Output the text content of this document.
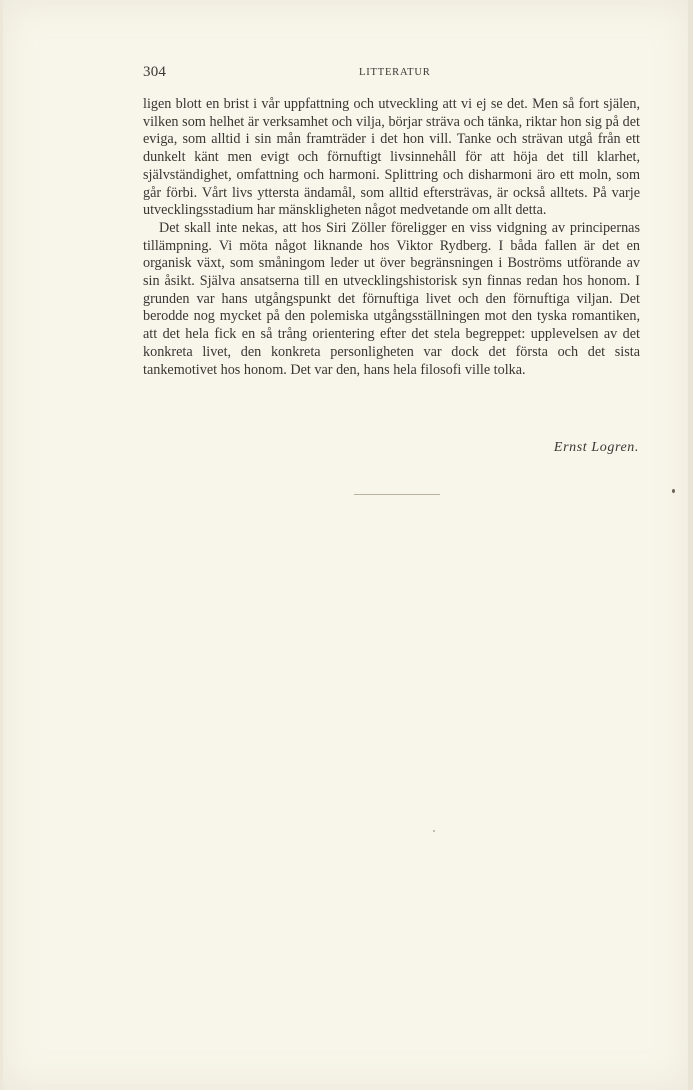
304	LITTERATUR

ligen blott en brist i vår uppfattning och utveckling att vi ej se det. Men så fort själen, vilken som helhet är verksamhet och vilja, börjar sträva och tänka, riktar hon sig på det eviga, som alltid i sin mån framträder i det hon vill. Tanke och strävan utgå från ett dunkelt känt men evigt och förnuftigt livsinnehåll för att höja det till klarhet, självständighet, omfattning och harmoni. Splittring och disharmoni äro ett moln, som går förbi. Vårt livs yttersta ändamål, som alltid eftersträvas, är också alltets. På varje utvecklingsstadium har mänskligheten något medvetande om allt detta.

Det skall inte nekas, att hos Siri Zöller föreligger en viss vidgning av principernas tillämpning. Vi möta något liknande hos Viktor Rydberg. I båda fallen är det en organisk växt, som småningom leder ut över begränsningen i Boströms utförande av sin åsikt. Själva ansatserna till en utvecklingshistorisk syn finnas redan hos honom. I grunden var hans utgångspunkt det förnuftiga livet och den förnuftiga viljan. Det berodde nog mycket på den polemiska utgångsställningen mot den tyska romantiken, att det hela fick en så trång orientering efter det stela begreppet: upplevelsen av det konkreta livet, den konkreta personligheten var dock det första och det sista tankemotivet hos honom. Det var den, hans hela filosofi ville tolka.

Ernst Logren.
